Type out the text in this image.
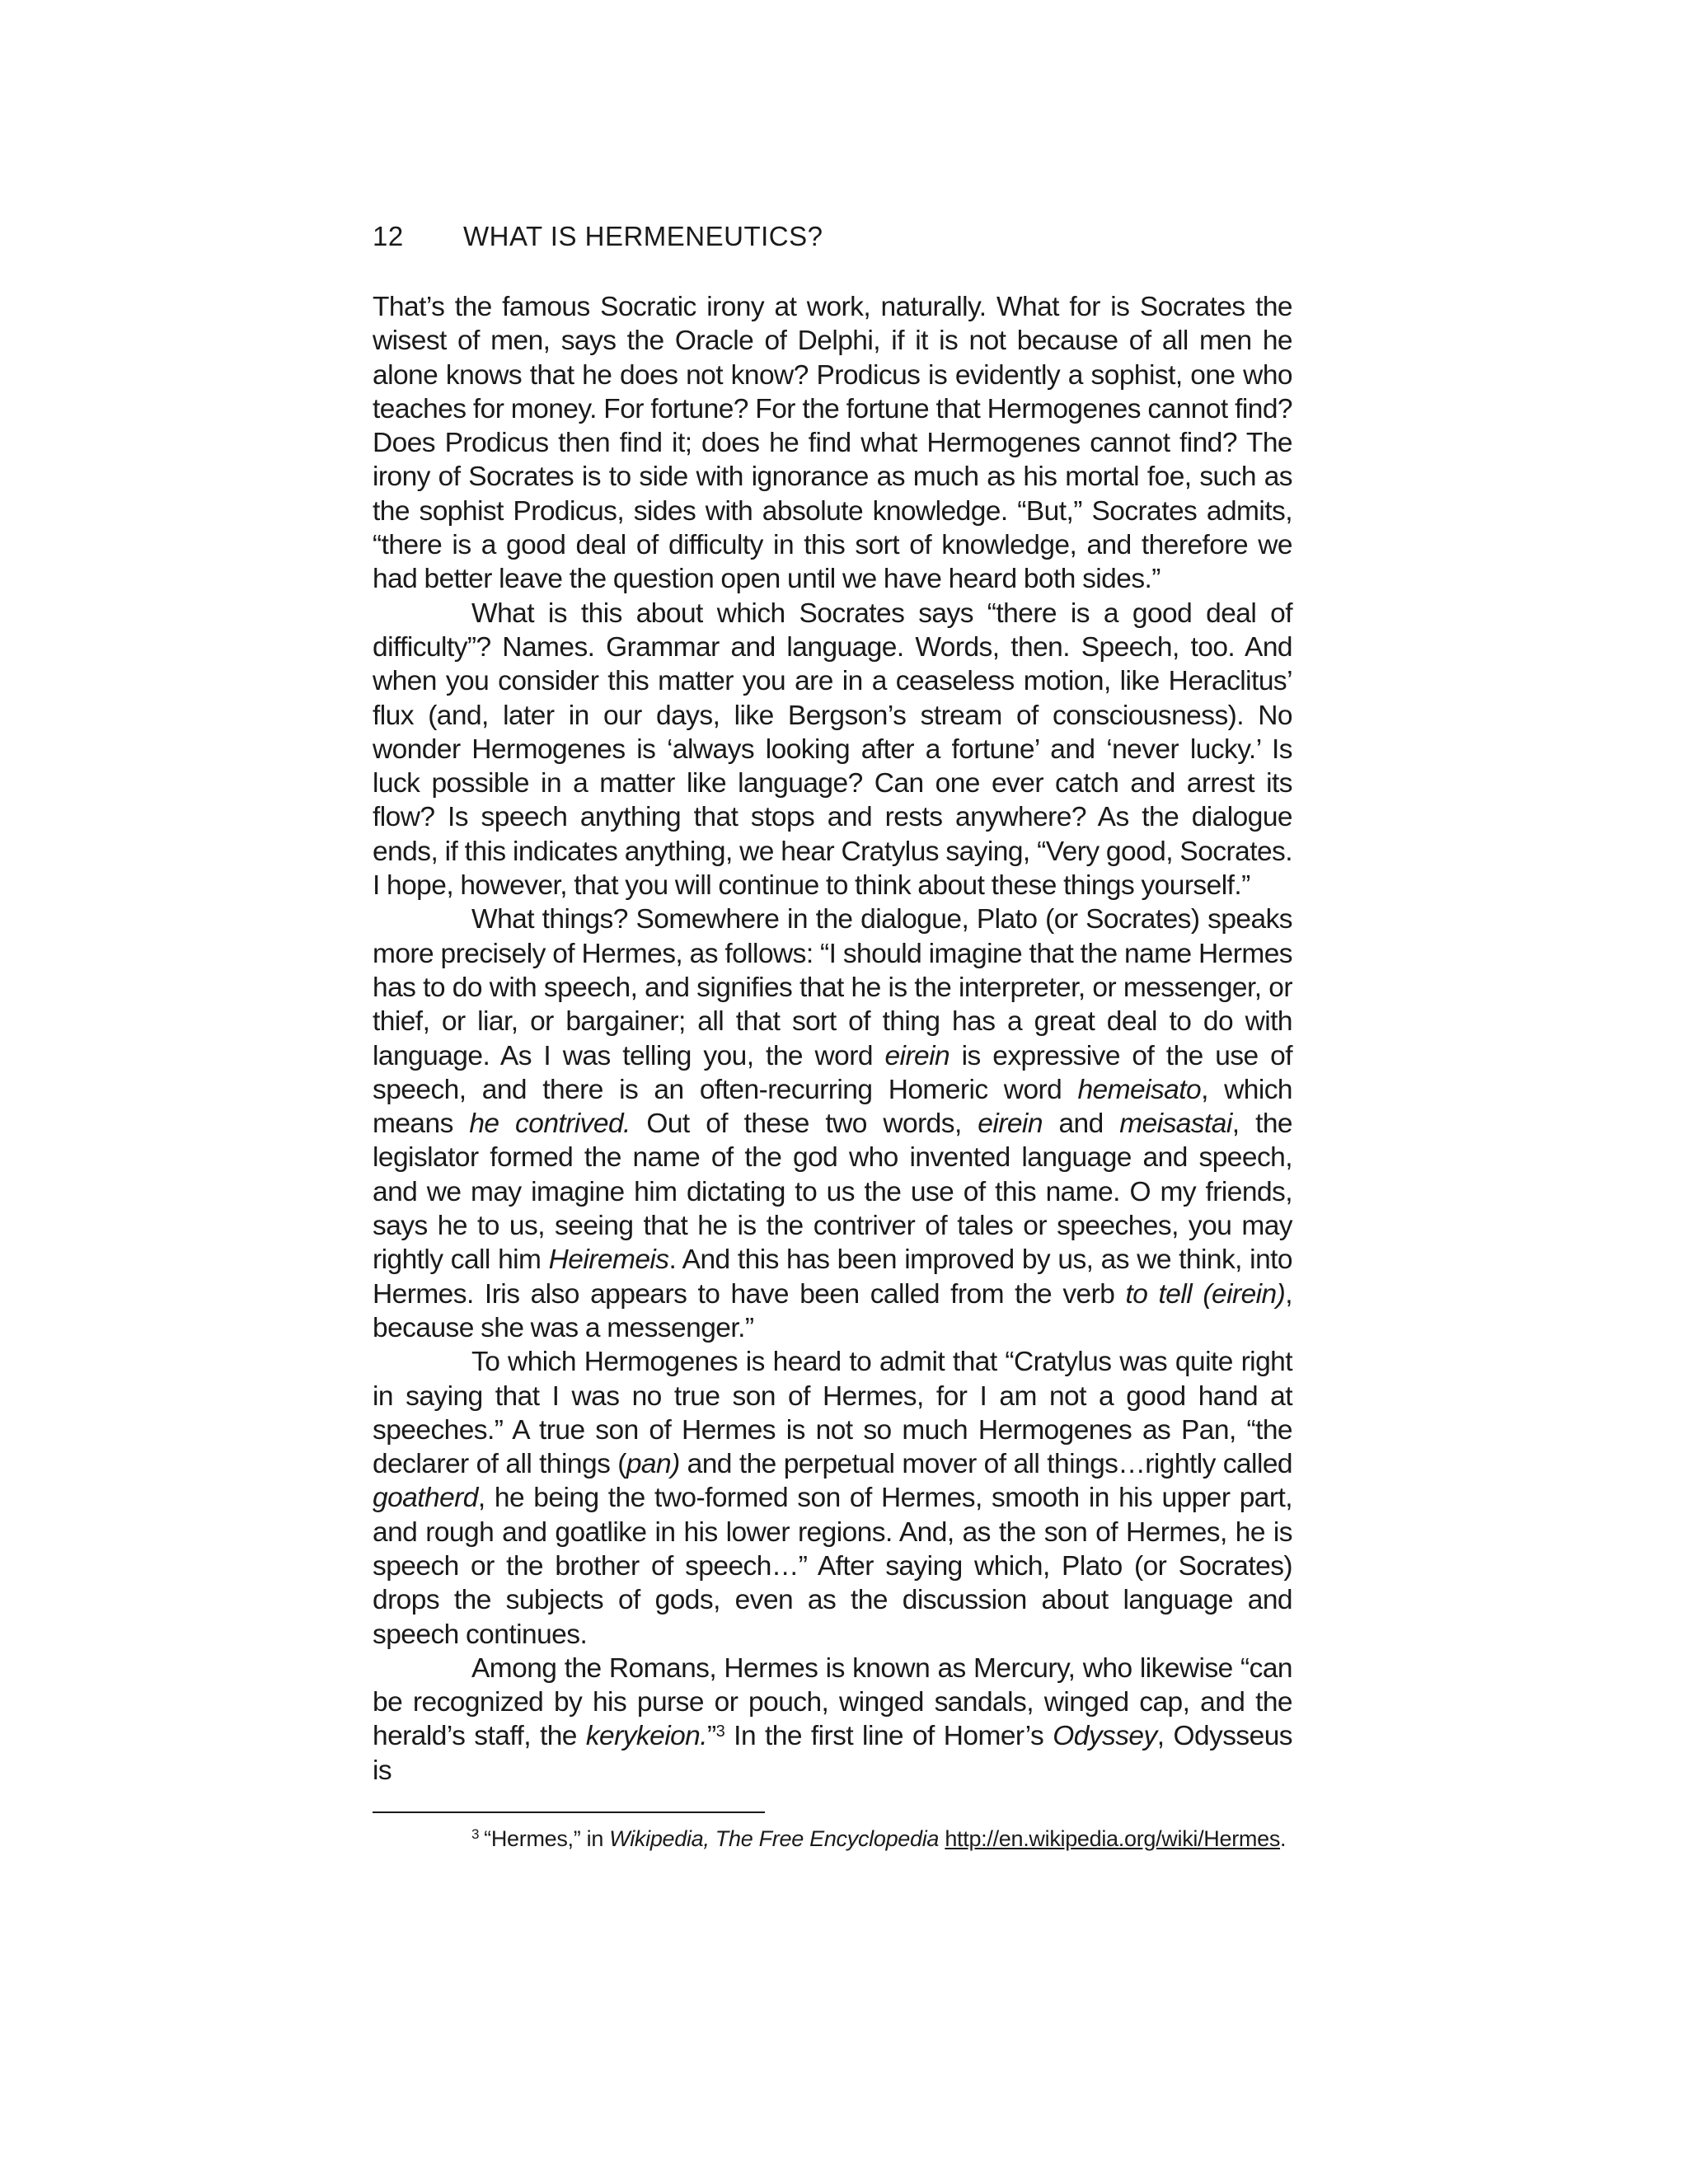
12 WHAT IS HERMENEUTICS?

That’s the famous Socratic irony at work, naturally. What for is Socrates the wisest of men, says the Oracle of Delphi, if it is not because of all men he alone knows that he does not know? Prodicus is evidently a sophist, one who teaches for money. For fortune? For the fortune that Hermogenes cannot find? Does Prodicus then find it; does he find what Hermogenes cannot find? The irony of Socrates is to side with ignorance as much as his mortal foe, such as the sophist Prodicus, sides with absolute knowledge. “But,” Socrates admits, “there is a good deal of difficulty in this sort of knowledge, and therefore we had better leave the question open until we have heard both sides.”

What is this about which Socrates says “there is a good deal of difficulty”? Names. Grammar and language. Words, then. Speech, too. And when you consider this matter you are in a ceaseless motion, like Heraclitus’ flux (and, later in our days, like Bergson’s stream of consciousness). No wonder Hermogenes is ‘always looking after a fortune’ and ‘never lucky.’ Is luck possible in a matter like language? Can one ever catch and arrest its flow? Is speech anything that stops and rests anywhere? As the dialogue ends, if this indicates anything, we hear Cratylus saying, “Very good, Socrates. I hope, however, that you will continue to think about these things yourself.”

What things? Somewhere in the dialogue, Plato (or Socrates) speaks more precisely of Hermes, as follows: “I should imagine that the name Hermes has to do with speech, and signifies that he is the interpreter, or messenger, or thief, or liar, or bargainer; all that sort of thing has a great deal to do with language. As I was telling you, the word eirein is expressive of the use of speech, and there is an often-recurring Homeric word hemeisato, which means he contrived. Out of these two words, eirein and meisastai, the legislator formed the name of the god who invented language and speech, and we may imagine him dictating to us the use of this name. O my friends, says he to us, seeing that he is the contriver of tales or speeches, you may rightly call him Heiremeis. And this has been improved by us, as we think, into Hermes. Iris also appears to have been called from the verb to tell (eirein), because she was a messenger.”

To which Hermogenes is heard to admit that “Cratylus was quite right in saying that I was no true son of Hermes, for I am not a good hand at speeches.” A true son of Hermes is not so much Hermogenes as Pan, “the declarer of all things (pan) and the perpetual mover of all things…rightly called goatherd, he being the two-formed son of Hermes, smooth in his upper part, and rough and goatlike in his lower regions. And, as the son of Hermes, he is speech or the brother of speech…” After saying which, Plato (or Socrates) drops the subjects of gods, even as the discussion about language and speech continues.

Among the Romans, Hermes is known as Mercury, who likewise “can be recognized by his purse or pouch, winged sandals, winged cap, and the herald’s staff, the kerykeion.”$^3$ In the first line of Homer’s Odyssey, Odysseus is

$^3$ “Hermes,” in Wikipedia, The Free Encyclopedia http://en.wikipedia.org/wiki/Hermes.
